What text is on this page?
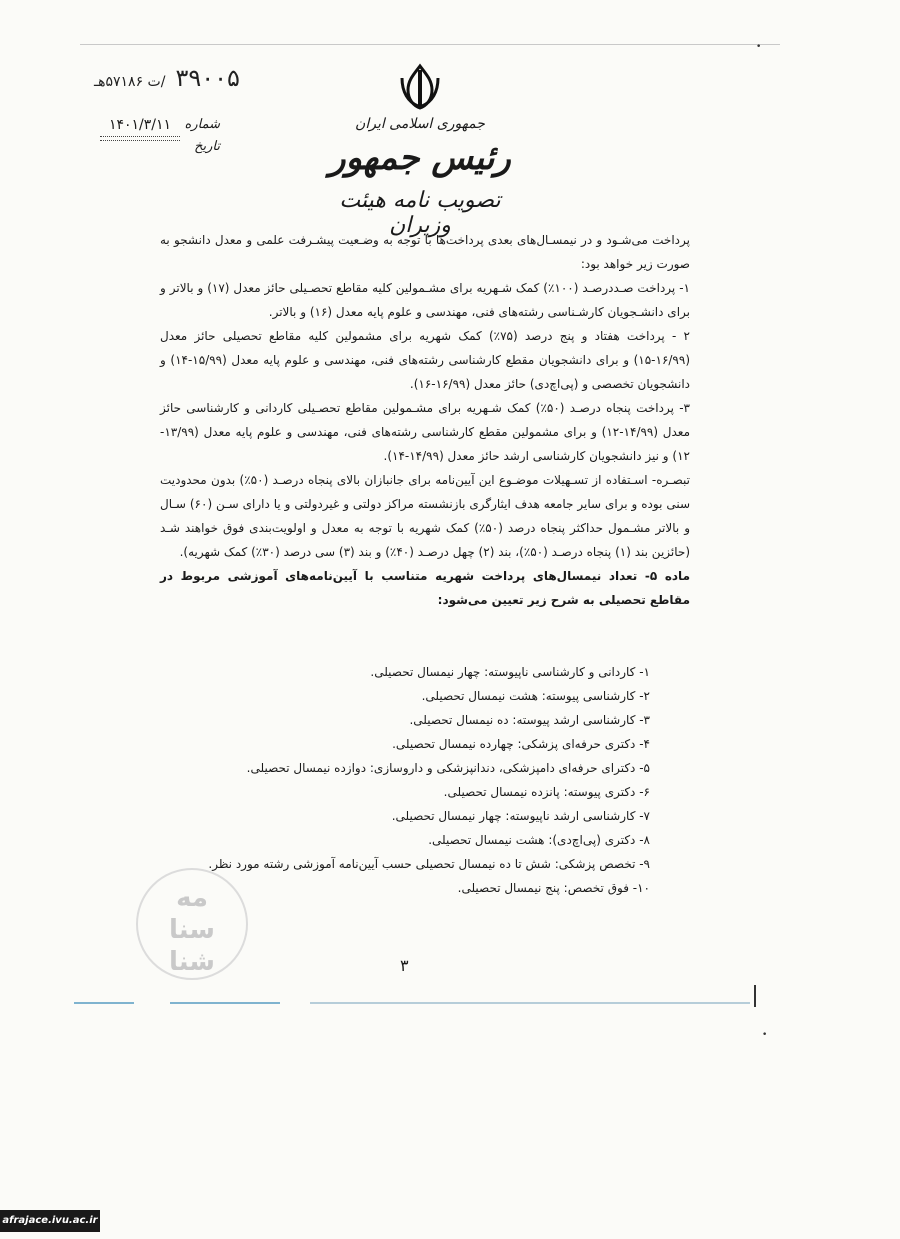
•
۳۹۰۰۵
/ت ۵۷۱۸۶هـ
شماره
تاریخ
۱۴۰۱/۳/۱۱	جمهوری اسلامی ایران
رئیس جمهور
تصویب نامه هیئت وزیران

پرداخت می‌شـود و در نیمسـال‌های بعدی پرداخت‌ها با توجه به وضـعیت پیشـرفت علمی و معدل دانشجو به صورت زیر خواهد بود:

۱- پرداخت صـددرصـد (۱۰۰٪) کمک شـهریه برای مشـمولین کلیه مقاطع تحصـیلی حائز معدل (۱۷) و بالاتر و برای دانشـجویان کارشـناسی رشته‌های فنی، مهندسی و علوم پایه معدل (۱۶) و بالاتر.

۲ - پرداخت هفتاد و پنج درصد (۷۵٪) کمک شهریه برای مشمولین کلیه مقاطع تحصیلی حائز معدل (۱۶/۹۹-۱۵) و برای دانشجویان مقطع کارشناسی رشته‌های فنی، مهندسی و علوم پایه معدل (۱۵/۹۹-۱۴) و دانشجویان تخصصی و (پی‌اچ‌دی) حائز معدل (۱۶/۹۹-۱۶).

۳- پرداخت پنجاه درصـد (۵۰٪) کمک شـهریه برای مشـمولین مقاطع تحصـیلی کاردانی و کارشناسی حائز معدل (۱۴/۹۹-۱۲) و برای مشمولین مقطع کارشناسی رشته‌های فنی، مهندسی و علوم پایه معدل (۱۳/۹۹- ۱۲) و نیز دانشجویان کارشناسی ارشد حائز معدل (۱۴/۹۹-۱۴).

تبصـره- اسـتفاده از تسـهیلات موضـوع این آیین‌نامه برای جانبازان بالای پنجاه درصـد (۵۰٪) بدون محدودیت سنی بوده و برای سایر جامعه هدف ایثارگری بازنشسته مراکز دولتی و غیردولتی و یا دارای سـن (۶۰) سـال و بالاتر مشـمول حداکثر پنجاه درصد (۵۰٪) کمک شهریه با توجه به معدل و اولویت‌بندی فوق خواهند شـد (حائزین بند (۱) پنجاه درصـد (۵۰٪)، بند (۲) چهل درصـد (۴۰٪) و بند (۳) سی درصد (۳۰٪) کمک شهریه).

ماده ۵- تعداد نیمسال‌های پرداخت شهریه متناسب با آیین‌نامه‌های آموزشی مربوط در مقاطع تحصیلی به شرح زیر تعیین می‌شود:

۱- کاردانی و کارشناسی ناپیوسته: چهار نیمسال تحصیلی.
۲- کارشناسی پیوسته: هشت نیمسال تحصیلی.
۳- کارشناسی ارشد پیوسته: ده نیمسال تحصیلی.
۴- دکتری حرفه‌ای پزشکی: چهارده نیمسال تحصیلی.
۵- دکترای حرفه‌ای دامپزشکی، دندانپزشکی و داروسازی: دوازده نیمسال تحصیلی.
۶- دکتری پیوسته: پانزده نیمسال تحصیلی.
۷- کارشناسی ارشد ناپیوسته: چهار نیمسال تحصیلی.
۸- دکتری (پی‌اچ‌دی): هشت نیمسال تحصیلی.
۹- تخصص پزشکی: شش تا ده نیمسال تحصیلی حسب آیین‌نامه آموزشی رشته مورد نظر.
۱۰- فوق تخصص: پنج نیمسال تحصیلی.
مه
سنا
شنا	۳
•
afrajace.ivu.ac.ir
